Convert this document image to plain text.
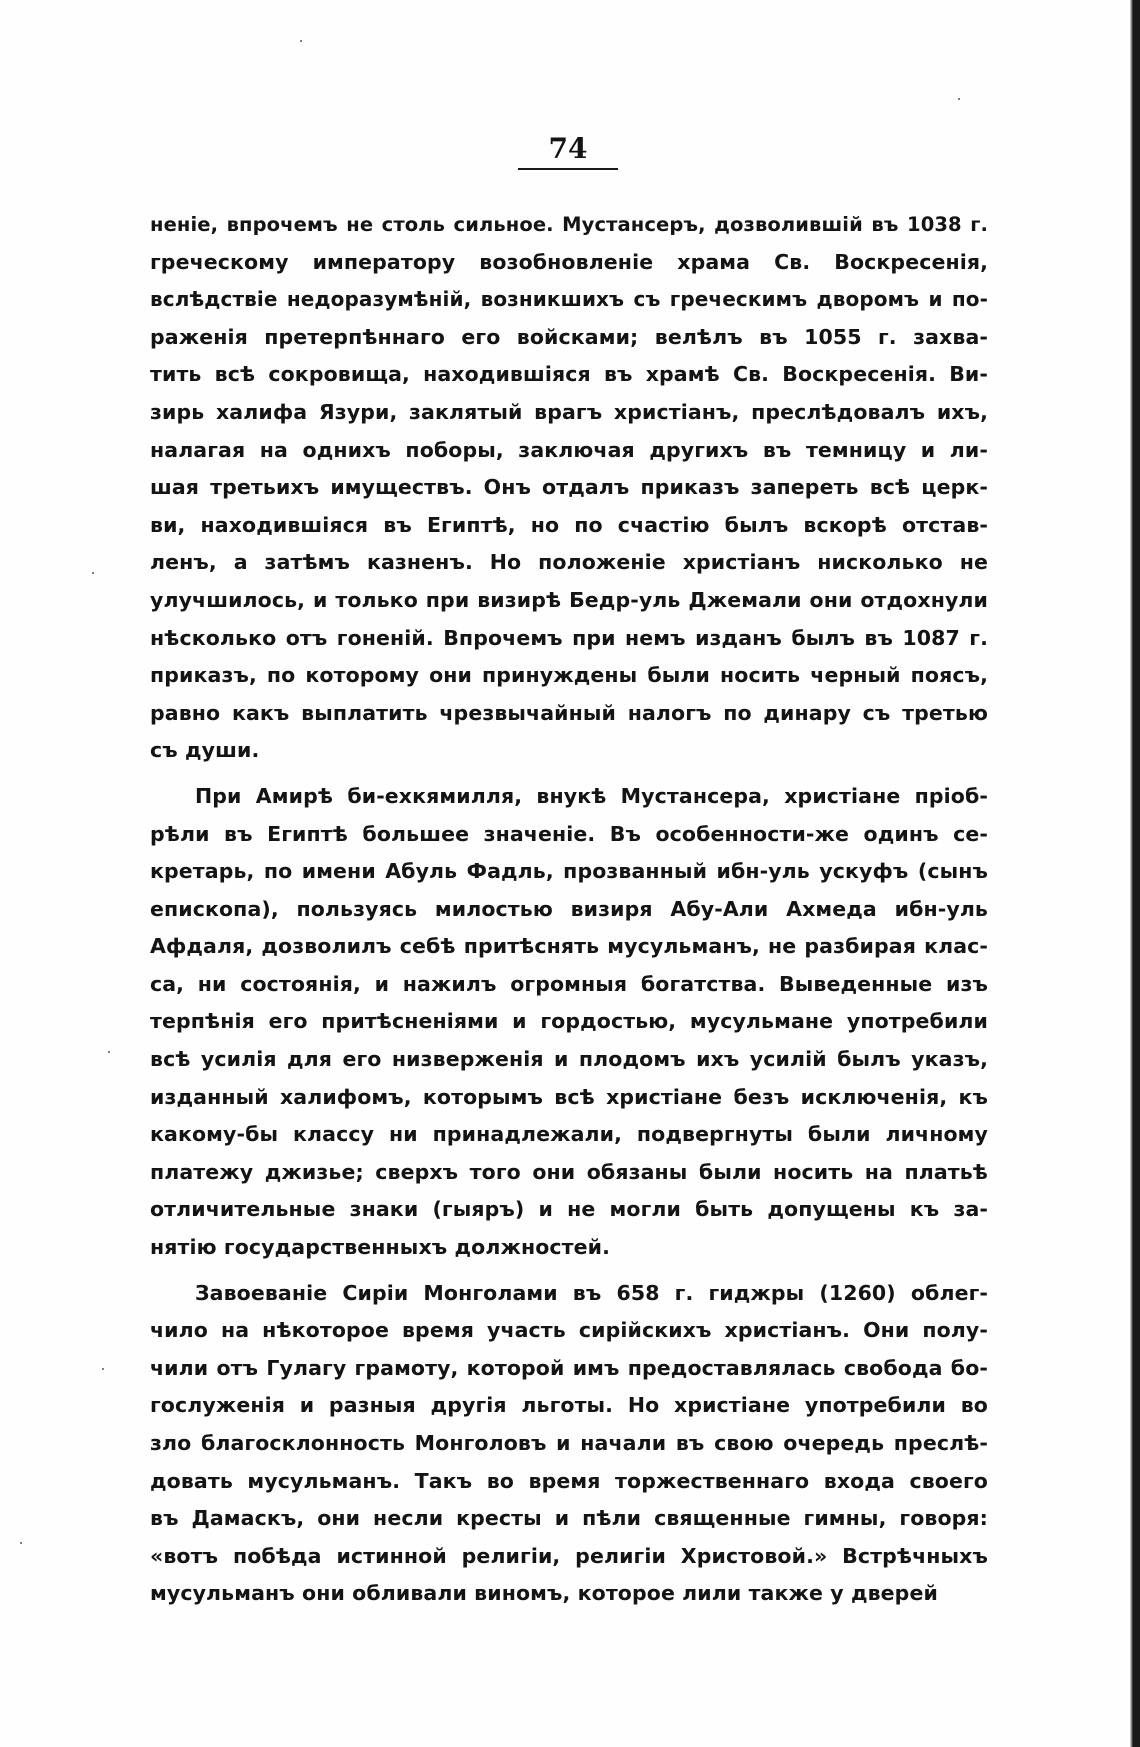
74
неніе, впрочемъ не столь сильное. Мустансеръ, дозволившій въ 1038 г.
греческому императору возобновленіе храма Св. Воскресенія,
вслѣдствіе недоразумѣній, возникшихъ съ греческимъ дворомъ и по-
раженія претерпѣннаго его войсками; велѣлъ въ 1055 г. захва-
тить всѣ сокровища, находившіяся въ храмѣ Св. Воскресенія. Ви-
зирь халифа Язури, заклятый врагъ христіанъ, преслѣдовалъ ихъ,
налагая на однихъ поборы, заключая другихъ въ темницу и ли-
шая третьихъ имуществъ. Онъ отдалъ приказъ запереть всѣ церк-
ви, находившіяся въ Египтѣ, но по счастію былъ вскорѣ отстав-
ленъ, а затѣмъ казненъ. Но положеніе христіанъ нисколько не
улучшилось, и только при визирѣ Бедр-уль Джемали они отдохнули
нѣсколько отъ гоненій. Впрочемъ при немъ изданъ былъ въ 1087 г.
приказъ, по которому они принуждены были носить черный поясъ,
равно какъ выплатить чрезвычайный налогъ по динару съ третью
съ души.
При Амирѣ би-ехкямилля, внукѣ Мустансера, христіане пріоб-
рѣли въ Египтѣ большее значеніе. Въ особенности-же одинъ се-
кретарь, по имени Абуль Фадль, прозванный ибн-уль ускуфъ (сынъ
епископа), пользуясь милостью визиря Абу-Али Ахмеда ибн-уль
Афдаля, дозволилъ себѣ притѣснять мусульманъ, не разбирая клас-
са, ни состоянія, и нажилъ огромныя богатства. Выведенные изъ
терпѣнія его притѣсненіями и гордостью, мусульмане употребили
всѣ усилія для его низверженія и плодомъ ихъ усилій былъ указъ,
изданный халифомъ, которымъ всѣ христіане безъ исключенія, къ
какому-бы классу ни принадлежали, подвергнуты были личному
платежу джизье; сверхъ того они обязаны были носить на платьѣ
отличительные знаки (гыяръ) и не могли быть допущены къ за-
нятію государственныхъ должностей.
Завоеваніе Сиріи Монголами въ 658 г. гиджры (1260) облег-
чило на нѣкоторое время участь сирійскихъ христіанъ. Они полу-
чили отъ Гулагу грамоту, которой имъ предоставлялась свобода бо-
гослуженія и разныя другія льготы. Но христіане употребили во
зло благосклонность Монголовъ и начали въ свою очередь преслѣ-
довать мусульманъ. Такъ во время торжественнаго входа своего
въ Дамаскъ, они несли кресты и пѣли священные гимны, говоря:
«вотъ побѣда истинной религіи, религіи Христовой.» Встрѣчныхъ
мусульманъ они обливали виномъ, которое лили также у дверей
